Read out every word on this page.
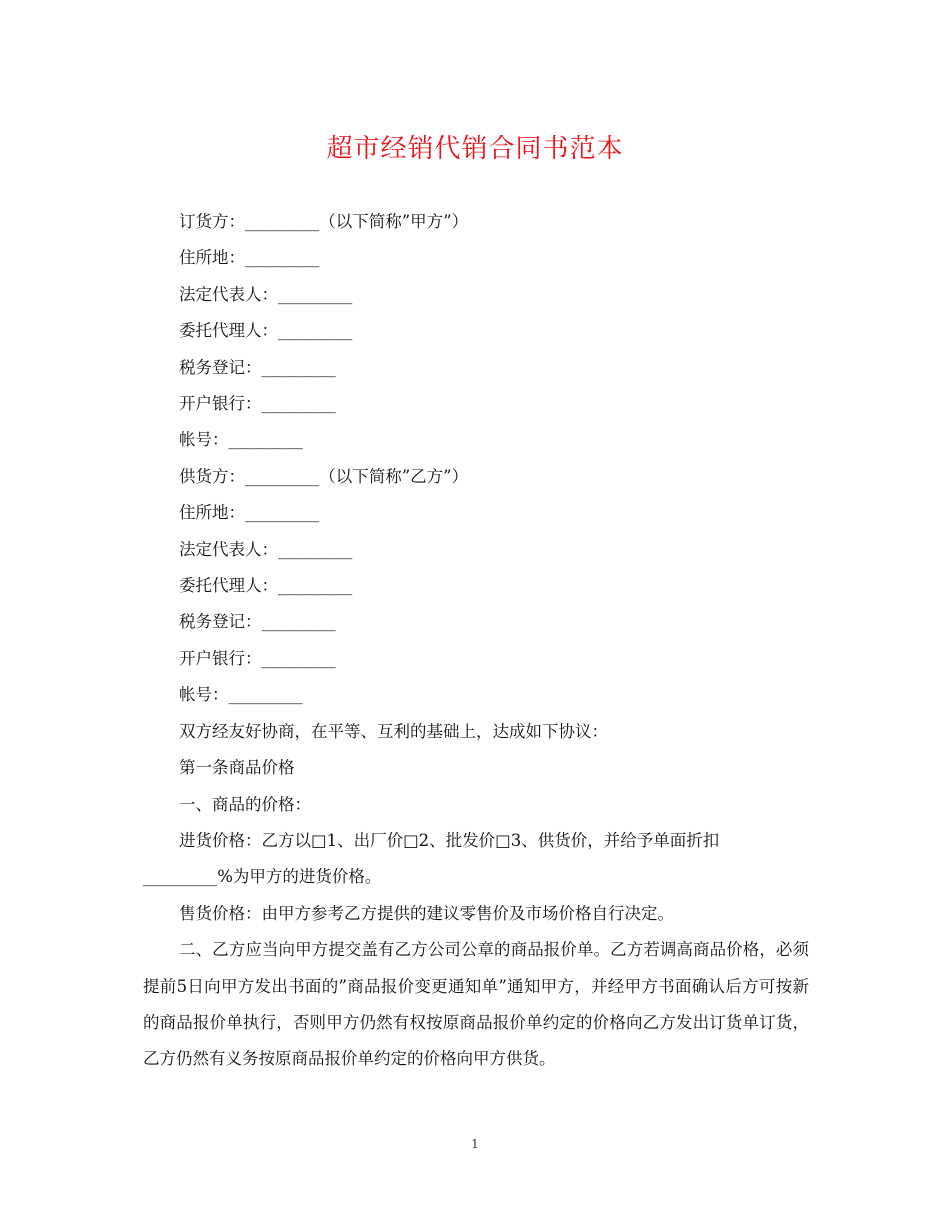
超市经销代销合同书范本
订货方：_________（以下简称”甲方”）
住所地：_________
法定代表人：_________
委托代理人：_________
税务登记：_________
开户银行：_________
帐号：_________
供货方：_________（以下简称”乙方”）
住所地：_________
法定代表人：_________
委托代理人：_________
税务登记：_________
开户银行：_________
帐号：_________
双方经友好协商，在平等、互利的基础上，达成如下协议：
第一条商品价格
一、商品的价格：
进货价格：乙方以□1、出厂价□2、批发价□3、供货价，并给予单面折扣
_________%为甲方的进货价格。
售货价格：由甲方参考乙方提供的建议零售价及市场价格自行决定。
二、乙方应当向甲方提交盖有乙方公司公章的商品报价单。乙方若调高商品价格，必须提前5日向甲方发出书面的”商品报价变更通知单”通知甲方，并经甲方书面确认后方可按新的商品报价单执行，否则甲方仍然有权按原商品报价单约定的价格向乙方发出订货单订货，乙方仍然有义务按原商品报价单约定的价格向甲方供货。
1
